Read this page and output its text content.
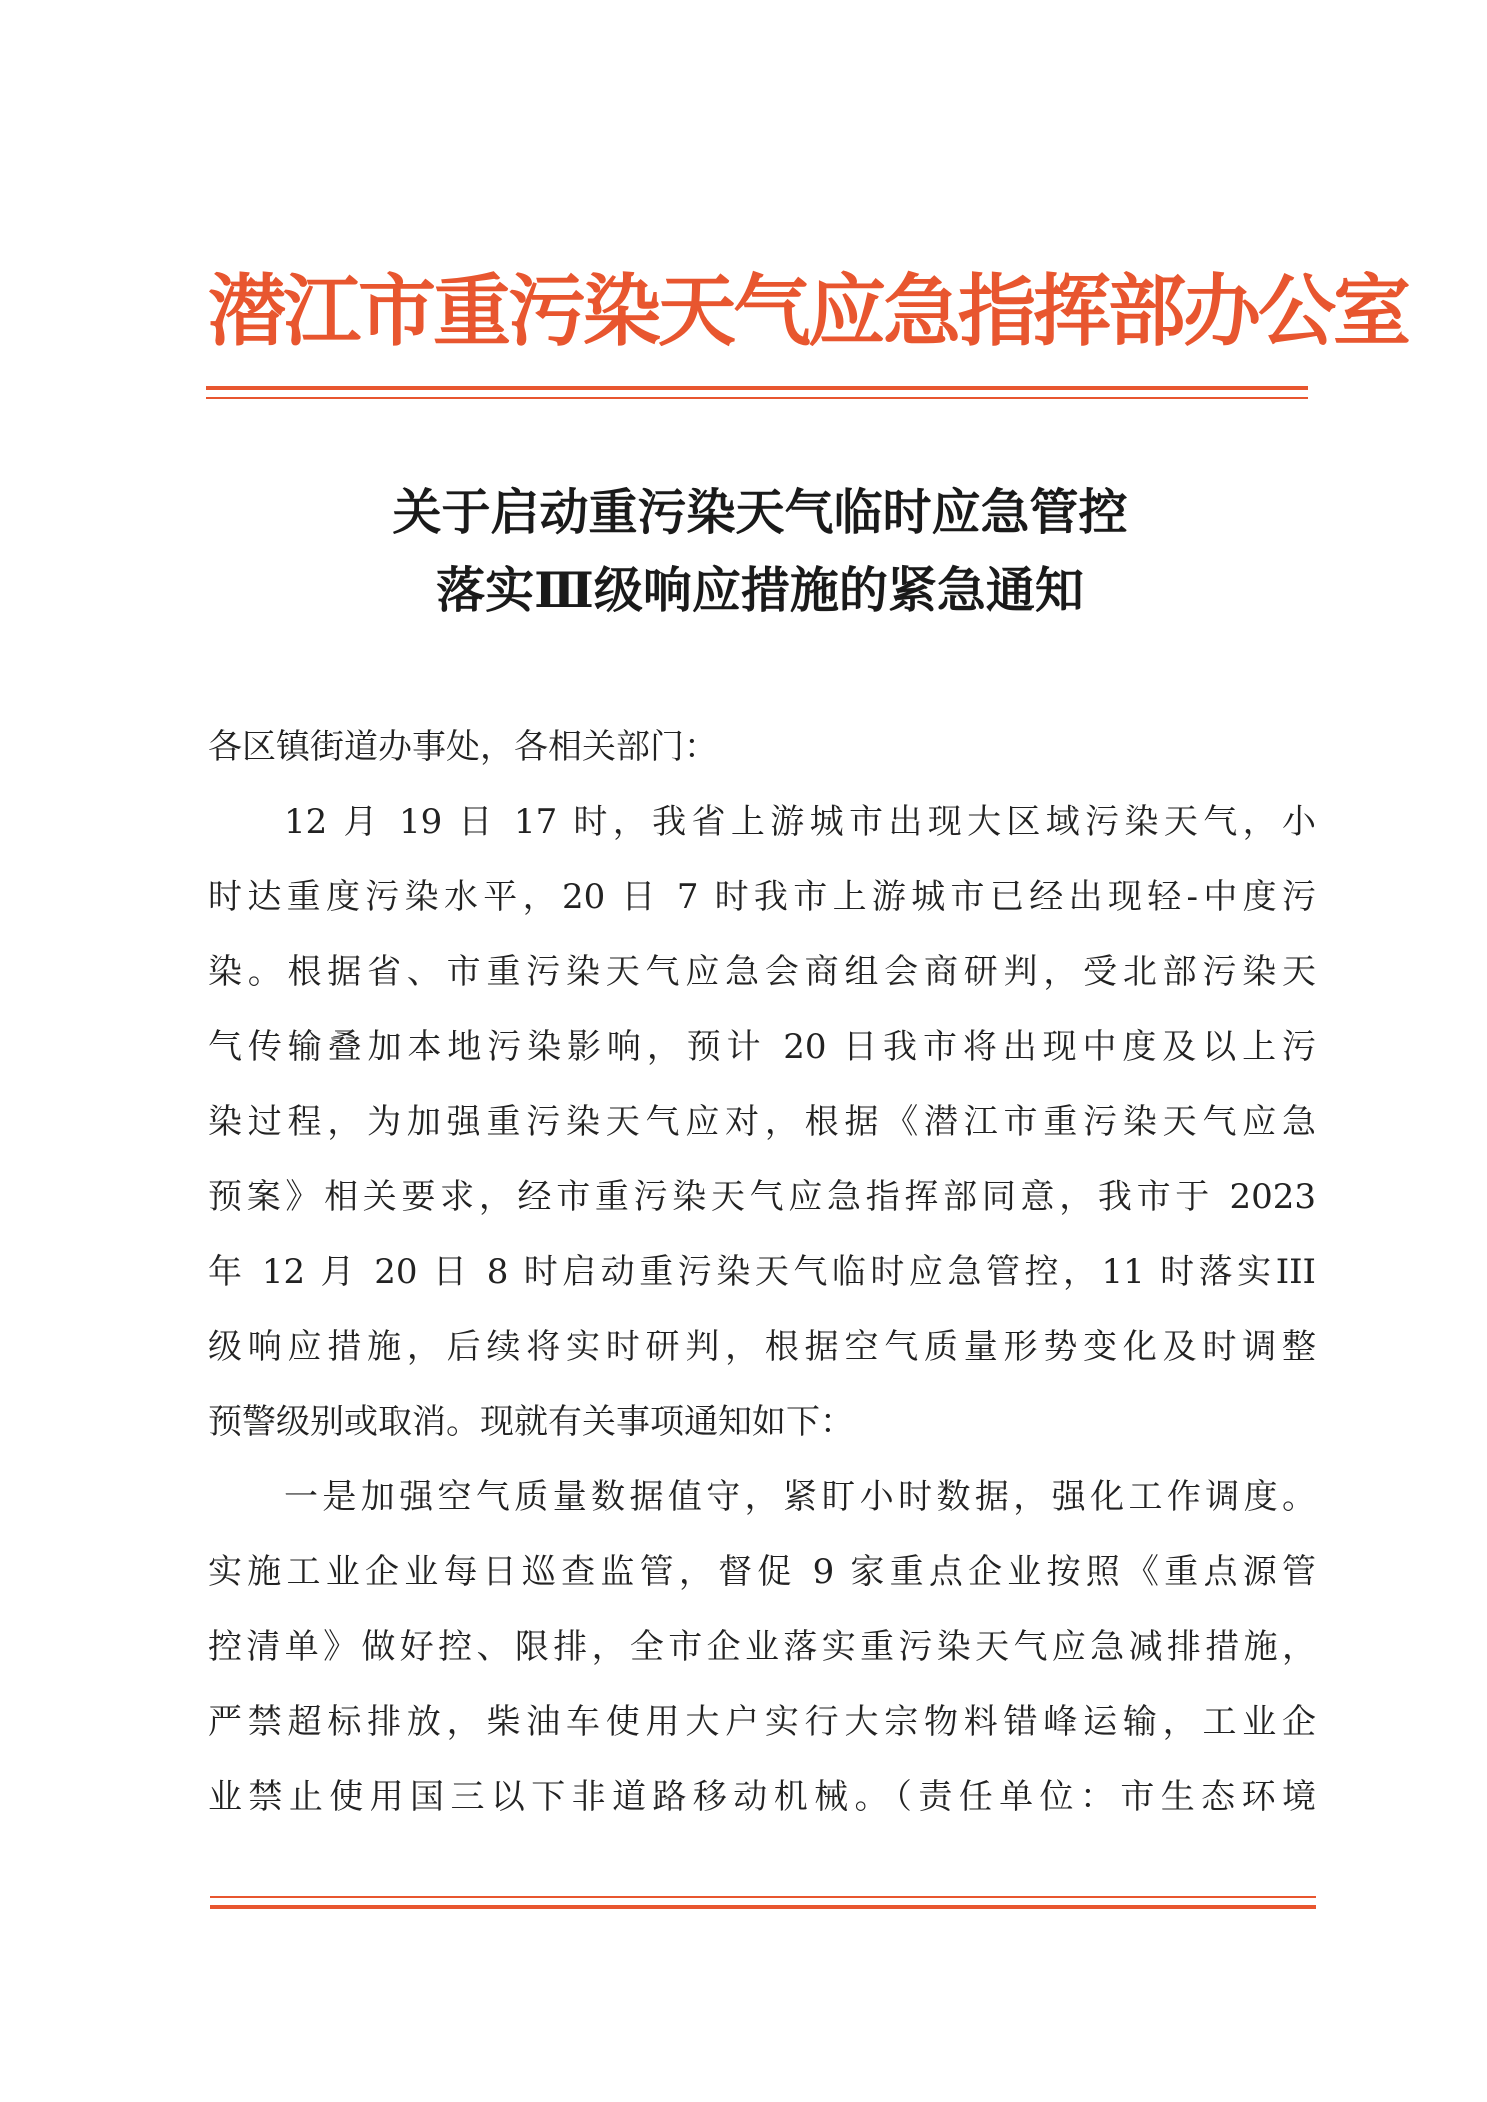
潜江市重污染天气应急指挥部办公室
关于启动重污染天气临时应急管控
落实Ⅲ级响应措施的紧急通知
各区镇街道办事处，各相关部门：
12 月 19 日 17 时，我省上游城市出现大区域污染天气，小
时达重度污染水平，20 日 7 时我市上游城市已经出现轻-中度污
染。根据省、市重污染天气应急会商组会商研判，受北部污染天
气传输叠加本地污染影响，预计 20 日我市将出现中度及以上污
染过程，为加强重污染天气应对，根据《潜江市重污染天气应急
预案》相关要求，经市重污染天气应急指挥部同意，我市于 2023
年 12 月 20 日 8 时启动重污染天气临时应急管控，11 时落实III
级响应措施，后续将实时研判，根据空气质量形势变化及时调整
预警级别或取消。现就有关事项通知如下：
一是加强空气质量数据值守，紧盯小时数据，强化工作调度。
实施工业企业每日巡查监管，督促 9 家重点企业按照《重点源管
控清单》做好控、限排，全市企业落实重污染天气应急减排措施，
严禁超标排放，柴油车使用大户实行大宗物料错峰运输，工业企
业禁止使用国三以下非道路移动机械。（责任单位：市生态环境
